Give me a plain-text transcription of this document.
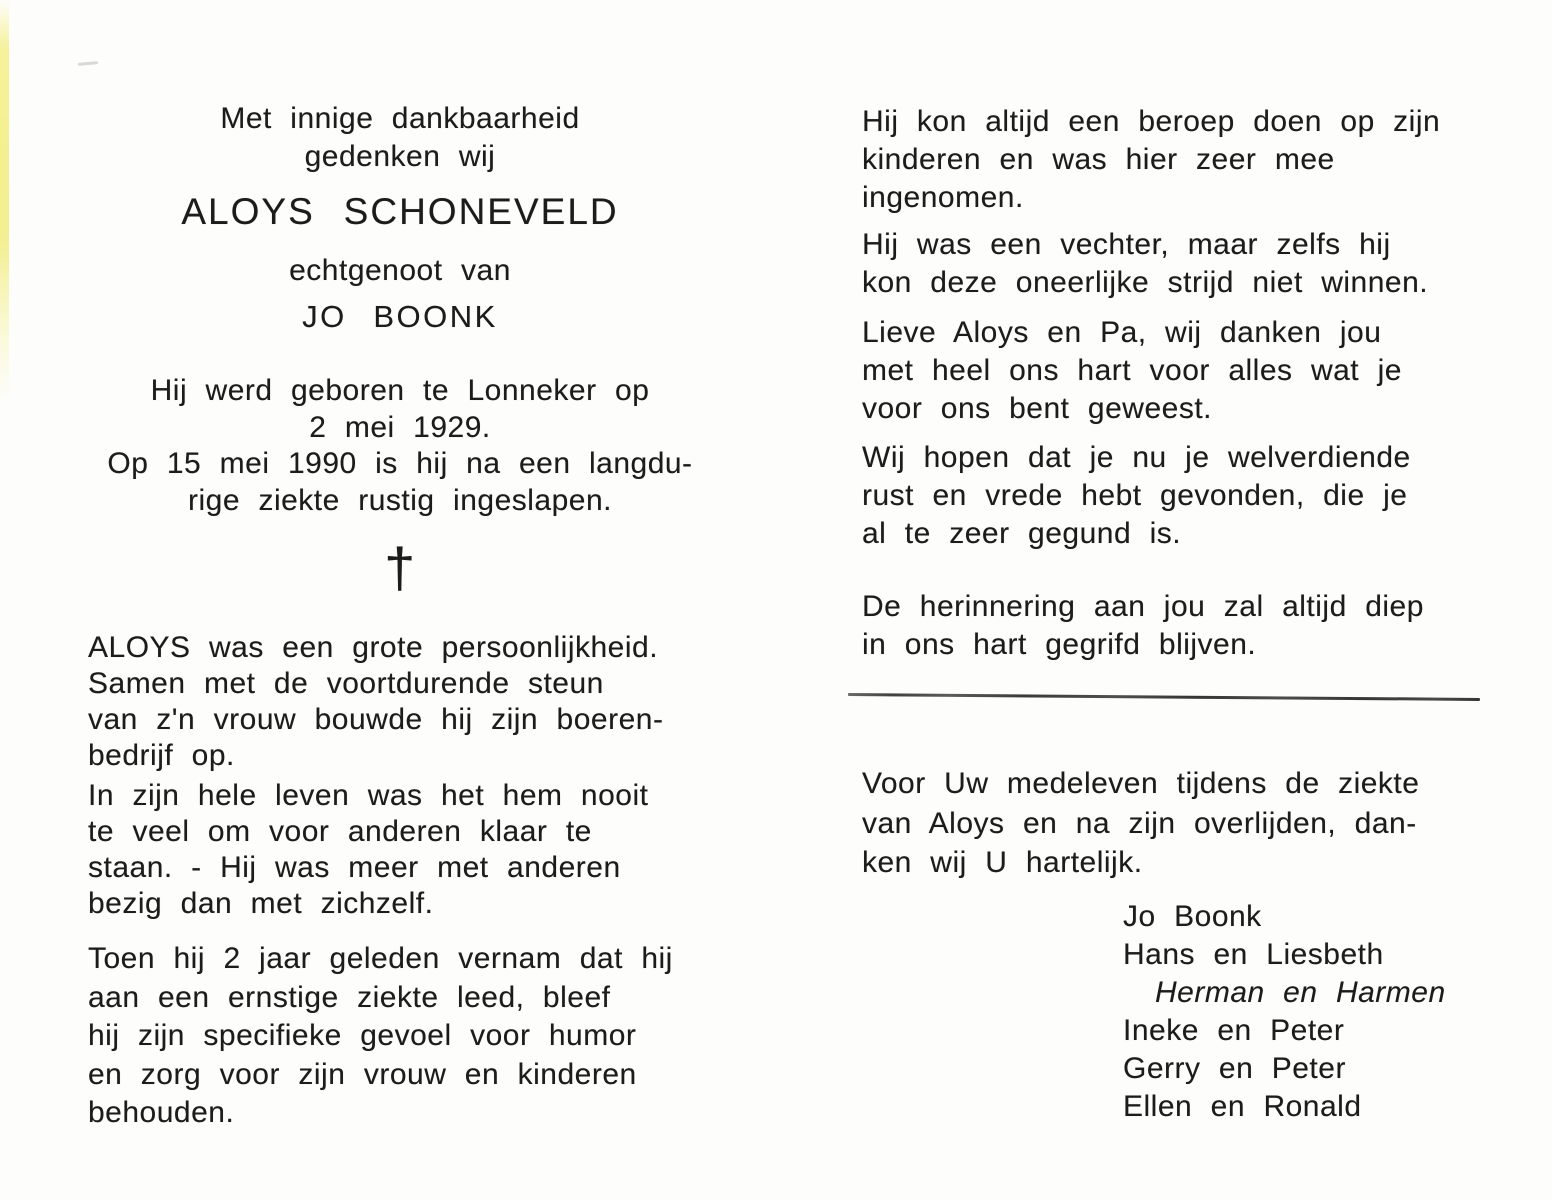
Met innige dankbaarheid
gedenken wij
ALOYS SCHONEVELD
echtgenoot van
JO BOONK
Hij werd geboren te Lonneker op
2 mei 1929.
Op 15 mei 1990 is hij na een langdu-
rige ziekte rustig ingeslapen.
†
ALOYS was een grote persoonlijkheid.
Samen met de voortdurende steun
van z'n vrouw bouwde hij zijn boeren-
bedrijf op.
In zijn hele leven was het hem nooit
te veel om voor anderen klaar te
staan. - Hij was meer met anderen
bezig dan met zichzelf.
Toen hij 2 jaar geleden vernam dat hij
aan een ernstige ziekte leed, bleef
hij zijn specifieke gevoel voor humor
en zorg voor zijn vrouw en kinderen
behouden.
Hij kon altijd een beroep doen op zijn
kinderen en was hier zeer mee
ingenomen.
Hij was een vechter, maar zelfs hij
kon deze oneerlijke strijd niet winnen.
Lieve Aloys en Pa, wij danken jou
met heel ons hart voor alles wat je
voor ons bent geweest.
Wij hopen dat je nu je welverdiende
rust en vrede hebt gevonden, die je
al te zeer gegund is.
De herinnering aan jou zal altijd diep
in ons hart gegrifd blijven.
Voor Uw medeleven tijdens de ziekte
van Aloys en na zijn overlijden, dan-
ken wij U hartelijk.
Jo Boonk
Hans en Liesbeth
Herman en Harmen
Ineke en Peter
Gerry en Peter
Ellen en Ronald
